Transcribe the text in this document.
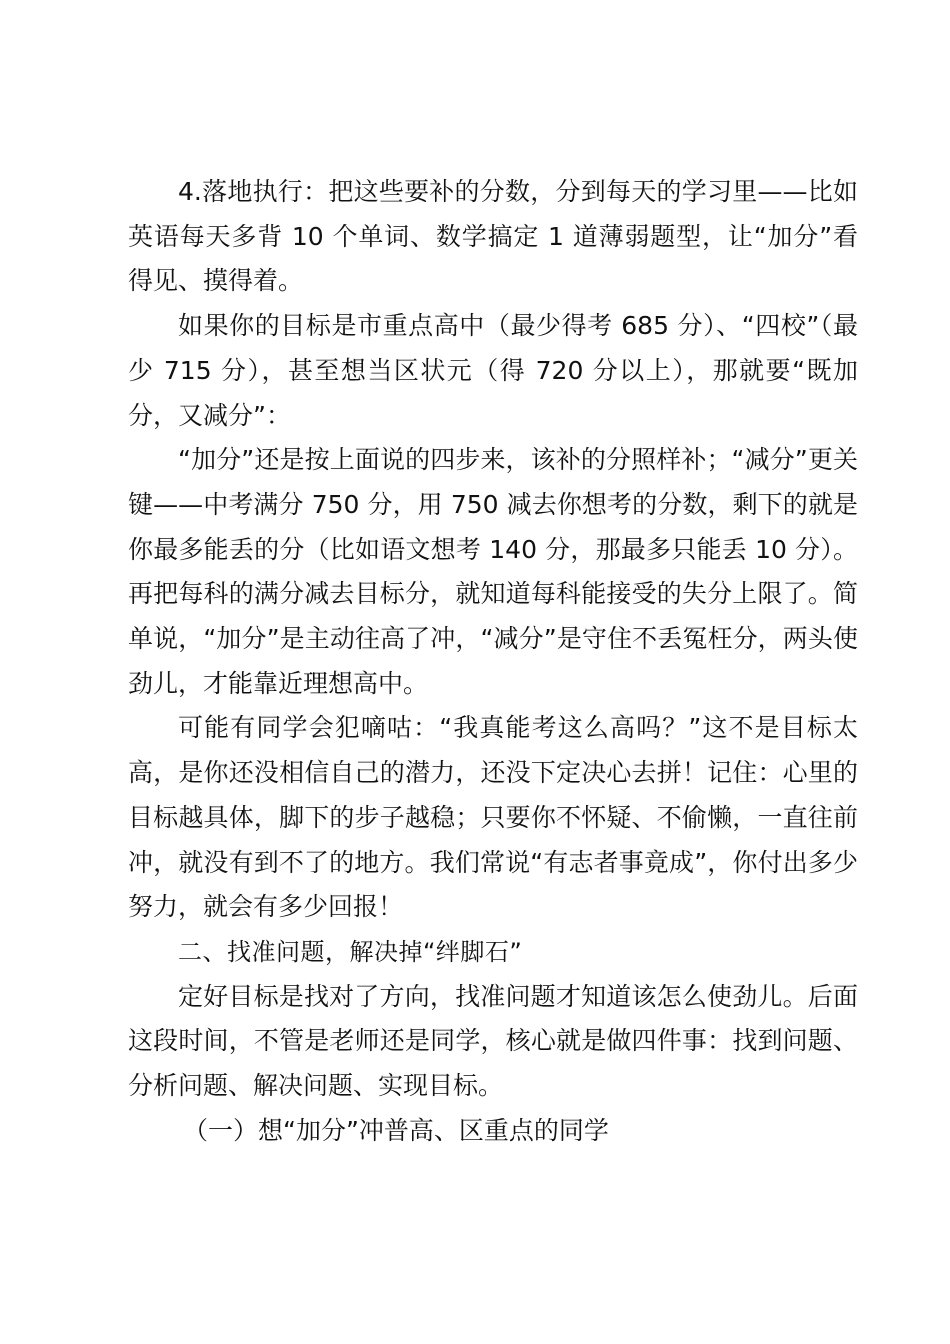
4.落地执行：把这些要补的分数，分到每天的学习里——比如英语每天多背 10 个单词、数学搞定 1 道薄弱题型，让“加分”看得见、摸得着。

如果你的目标是市重点高中（最少得考 685 分）、“四校”（最少 715 分），甚至想当区状元（得 720 分以上），那就要“既加分，又减分”：

“加分”还是按上面说的四步来，该补的分照样补；“减分”更关键——中考满分 750 分，用 750 减去你想考的分数，剩下的就是你最多能丢的分（比如语文想考 140 分，那最多只能丢 10 分）。再把每科的满分减去目标分，就知道每科能接受的失分上限了。简单说，“加分”是主动往高了冲，“减分”是守住不丢冤枉分，两头使劲儿，才能靠近理想高中。

可能有同学会犯嘀咕：“我真能考这么高吗？”这不是目标太高，是你还没相信自己的潜力，还没下定决心去拼！记住：心里的目标越具体，脚下的步子越稳；只要你不怀疑、不偷懒，一直往前冲，就没有到不了的地方。我们常说“有志者事竟成”，你付出多少努力，就会有多少回报！

二、找准问题，解决掉“绊脚石”

定好目标是找对了方向，找准问题才知道该怎么使劲儿。后面这段时间，不管是老师还是同学，核心就是做四件事：找到问题、分析问题、解决问题、实现目标。

（一）想“加分”冲普高、区重点的同学
